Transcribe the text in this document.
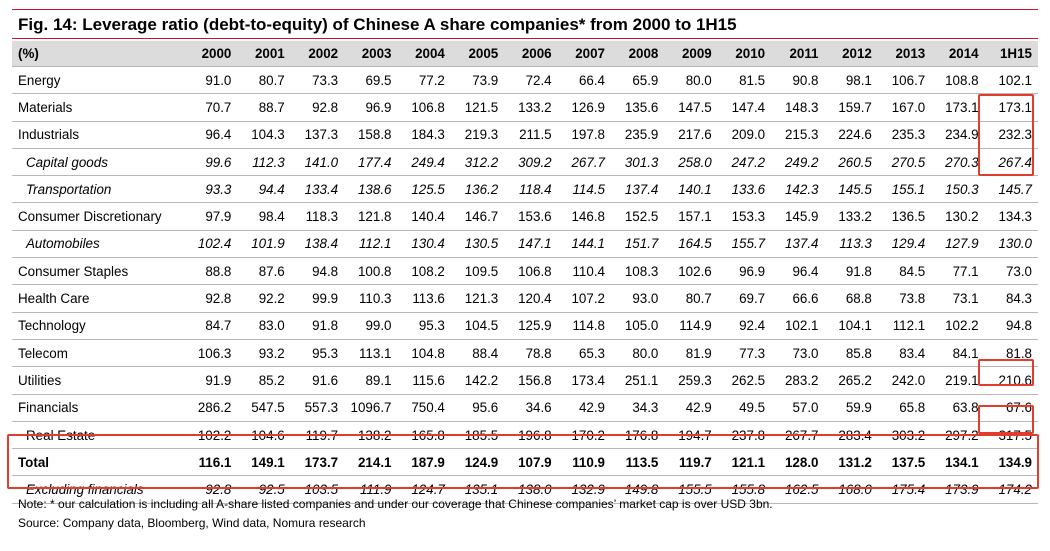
Fig. 14: Leverage ratio (debt-to-equity) of Chinese A share companies* from 2000 to 1H15
(%)	2000	2001	2002	2003	2004	2005	2006	2007	2008	2009	2010	2011	2012	2013	2014	1H15
Energy	91.0	80.7	73.3	69.5	77.2	73.9	72.4	66.4	65.9	80.0	81.5	90.8	98.1	106.7	108.8	102.1
Materials	70.7	88.7	92.8	96.9	106.8	121.5	133.2	126.9	135.6	147.5	147.4	148.3	159.7	167.0	173.1	173.1
Industrials	96.4	104.3	137.3	158.8	184.3	219.3	211.5	197.8	235.9	217.6	209.0	215.3	224.6	235.3	234.9	232.3
Capital goods	99.6	112.3	141.0	177.4	249.4	312.2	309.2	267.7	301.3	258.0	247.2	249.2	260.5	270.5	270.3	267.4
Transportation	93.3	94.4	133.4	138.6	125.5	136.2	118.4	114.5	137.4	140.1	133.6	142.3	145.5	155.1	150.3	145.7
Consumer Discretionary	97.9	98.4	118.3	121.8	140.4	146.7	153.6	146.8	152.5	157.1	153.3	145.9	133.2	136.5	130.2	134.3
Automobiles	102.4	101.9	138.4	112.1	130.4	130.5	147.1	144.1	151.7	164.5	155.7	137.4	113.3	129.4	127.9	130.0
Consumer Staples	88.8	87.6	94.8	100.8	108.2	109.5	106.8	110.4	108.3	102.6	96.9	96.4	91.8	84.5	77.1	73.0
Health Care	92.8	92.2	99.9	110.3	113.6	121.3	120.4	107.2	93.0	80.7	69.7	66.6	68.8	73.8	73.1	84.3
Technology	84.7	83.0	91.8	99.0	95.3	104.5	125.9	114.8	105.0	114.9	92.4	102.1	104.1	112.1	102.2	94.8
Telecom	106.3	93.2	95.3	113.1	104.8	88.4	78.8	65.3	80.0	81.9	77.3	73.0	85.8	83.4	84.1	81.8
Utilities	91.9	85.2	91.6	89.1	115.6	142.2	156.8	173.4	251.1	259.3	262.5	283.2	265.2	242.0	219.1	210.6
Financials	286.2	547.5	557.3	1096.7	750.4	95.6	34.6	42.9	34.3	42.9	49.5	57.0	59.9	65.8	63.8	67.6
Real Estate	102.2	104.6	119.7	138.2	165.8	185.5	196.8	170.2	176.8	194.7	237.8	267.7	283.4	303.2	297.2	317.5
Total	116.1	149.1	173.7	214.1	187.9	124.9	107.9	110.9	113.5	119.7	121.1	128.0	131.2	137.5	134.1	134.9
Excluding financials	92.8	92.5	103.5	111.9	124.7	135.1	138.0	132.9	149.8	155.5	155.8	162.5	168.0	175.4	173.9	174.2
Note: * our calculation is including all A-share listed companies and under our coverage that Chinese companies’ market cap is over USD 3bn.
Source: Company data, Bloomberg, Wind data, Nomura research
